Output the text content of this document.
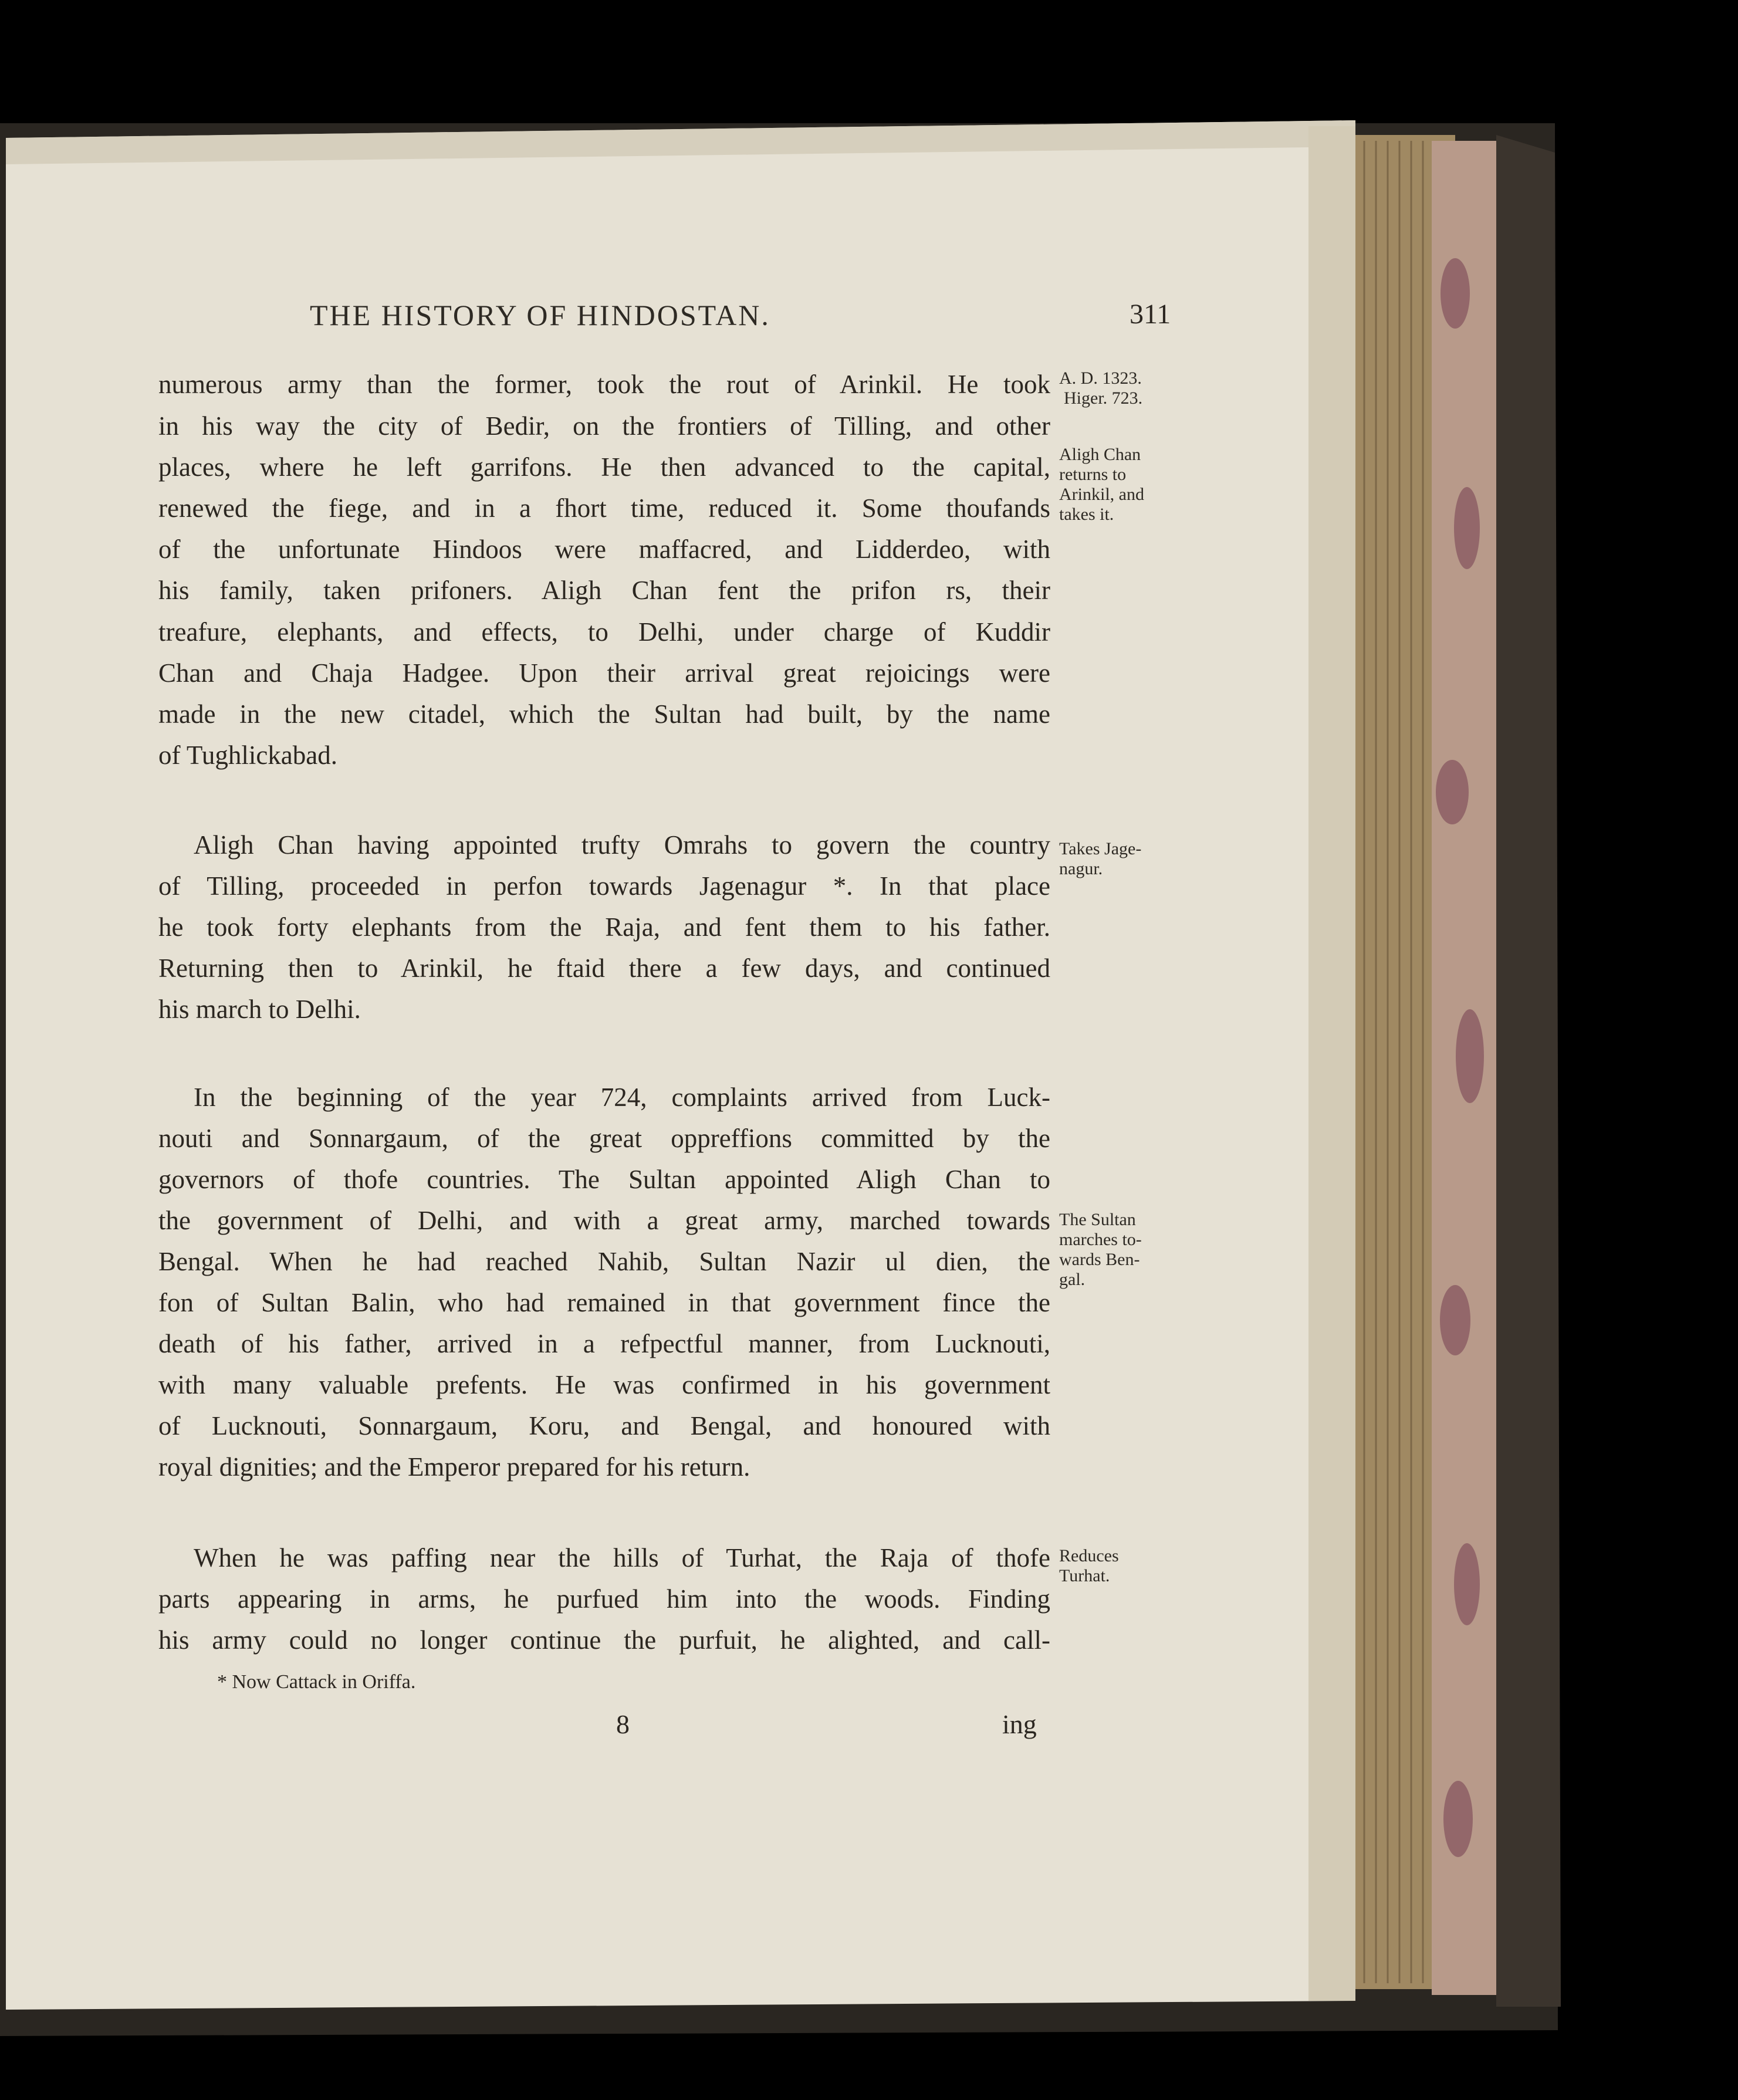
THE HISTORY OF HINDOSTAN.	311
numerous army than the former, took the rout of Arinkil. He took
in his way the city of Bedir, on the frontiers of Tilling, and other
places, where he left garrifons. He then advanced to the capital,
renewed the fiege, and in a fhort time, reduced it. Some thoufands
of the unfortunate Hindoos were maffacred, and Lidderdeo, with
his family, taken prifoners. Aligh Chan fent the prifon rs, their
treafure, elephants, and effects, to Delhi, under charge of Kuddir
Chan and Chaja Hadgee. Upon their arrival great rejoicings were
made in the new citadel, which the Sultan had built, by the name
of Tughlickabad.
Aligh Chan having appointed trufty Omrahs to govern the country
of Tilling, proceeded in perfon towards Jagenagur *. In that place
he took forty elephants from the Raja, and fent them to his father.
Returning then to Arinkil, he ftaid there a few days, and continued
his march to Delhi.
In the beginning of the year 724, complaints arrived from Luck-
nouti and Sonnargaum, of the great oppreffions committed by the
governors of thofe countries. The Sultan appointed Aligh Chan to
the government of Delhi, and with a great army, marched towards
Bengal. When he had reached Nahib, Sultan Nazir ul dien, the
fon of Sultan Balin, who had remained in that government fince the
death of his father, arrived in a refpectful manner, from Lucknouti,
with many valuable prefents. He was confirmed in his government
of Lucknouti, Sonnargaum, Koru, and Bengal, and honoured with
royal dignities; and the Emperor prepared for his return.
When he was paffing near the hills of Turhat, the Raja of thofe
parts appearing in arms, he purfued him into the woods. Finding
his army could no longer continue the purfuit, he alighted, and call-
A. D. 1323.
Higer. 723.
Aligh Chan
returns to
Arinkil, and
takes it.
Takes Jage-
nagur.
The Sultan
marches to-
wards Ben-
gal.
Reduces
Turhat.
* Now Cattack in Oriffa.
8	ing
